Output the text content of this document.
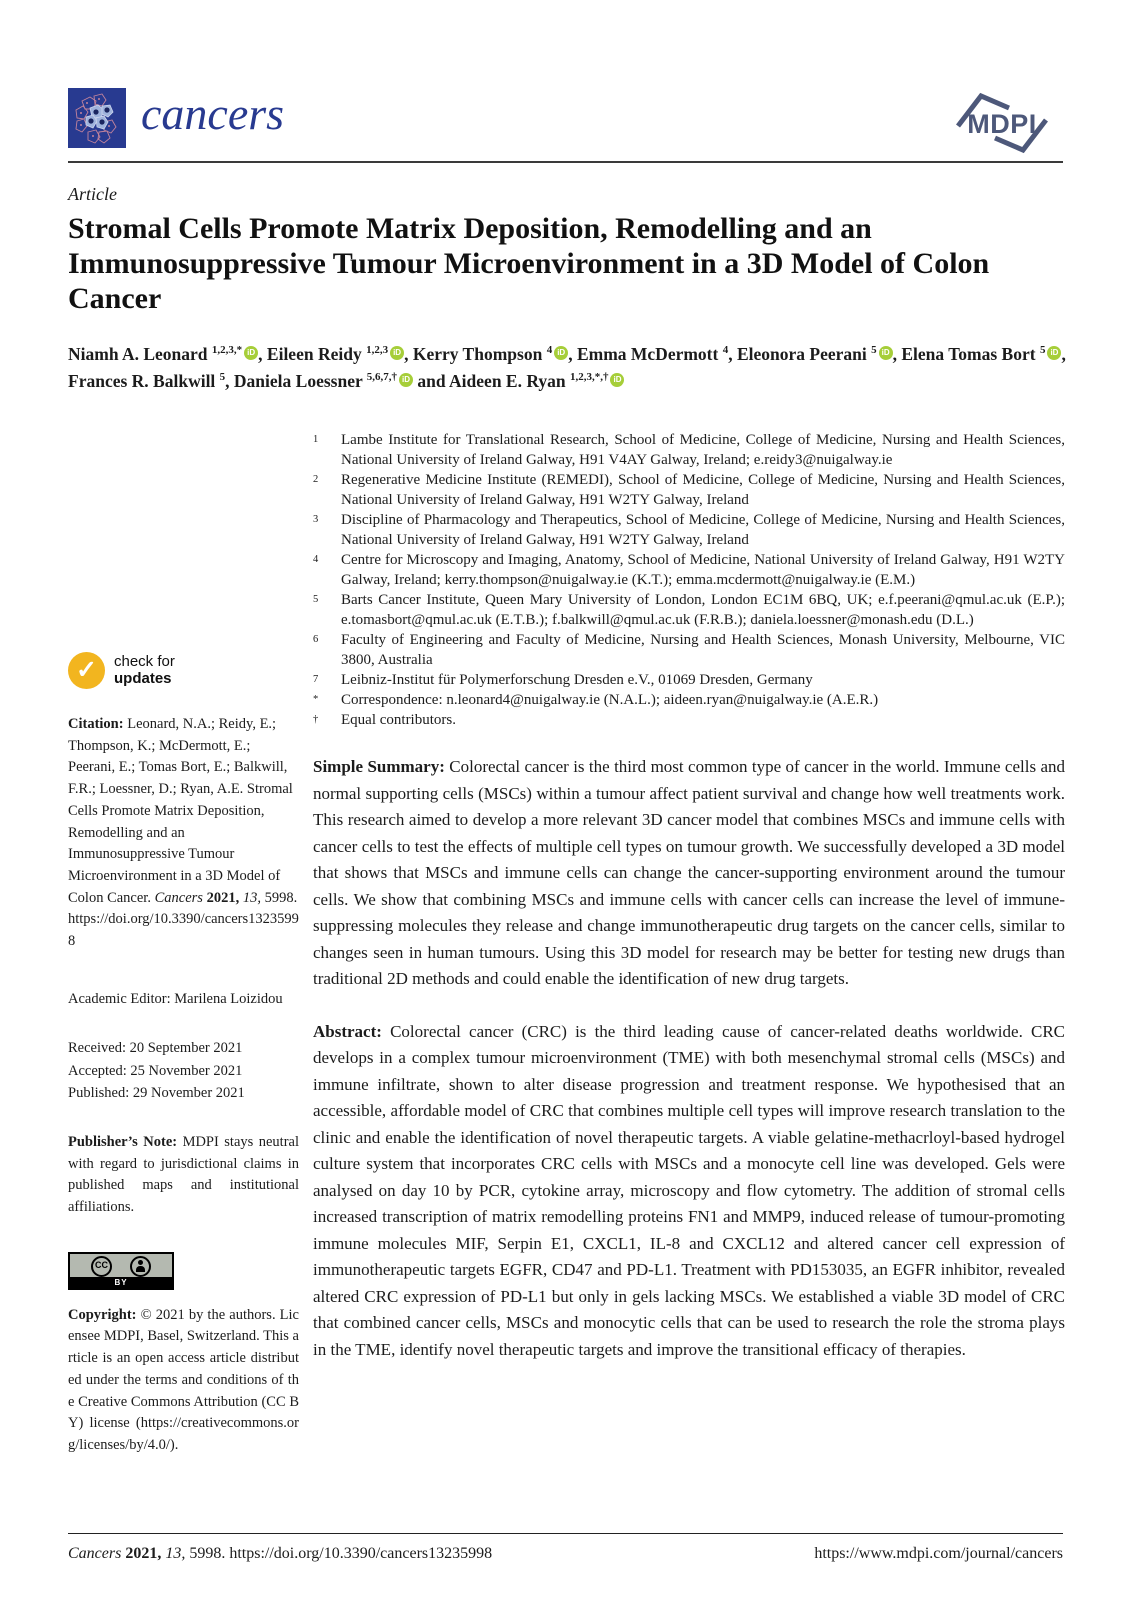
cancers	MDPI
Article
Stromal Cells Promote Matrix Deposition, Remodelling and an Immunosuppressive Tumour Microenvironment in a 3D Model of Colon Cancer
Niamh A. Leonard $^{1,2,3,*}$ iD , Eileen Reidy $^{1,2,3}$ iD , Kerry Thompson $^4$ iD , Emma McDermott $^4$, Eleonora Peerani $^5$ iD , Elena Tomas Bort $^5$ iD , Frances R. Balkwill $^5$, Daniela Loessner $^{5,6,7,\dagger}$ iD and Aideen E. Ryan $^{1,2,3,*,\dagger}$ iD
1	Lambe Institute for Translational Research, School of Medicine, College of Medicine, Nursing and Health Sciences, National University of Ireland Galway, H91 V4AY Galway, Ireland; e.reidy3@nuigalway.ie
2	Regenerative Medicine Institute (REMEDI), School of Medicine, College of Medicine, Nursing and Health Sciences, National University of Ireland Galway, H91 W2TY Galway, Ireland
3	Discipline of Pharmacology and Therapeutics, School of Medicine, College of Medicine, Nursing and Health Sciences, National University of Ireland Galway, H91 W2TY Galway, Ireland
4	Centre for Microscopy and Imaging, Anatomy, School of Medicine, National University of Ireland Galway, H91 W2TY Galway, Ireland; kerry.thompson@nuigalway.ie (K.T.); emma.mcdermott@nuigalway.ie (E.M.)
5	Barts Cancer Institute, Queen Mary University of London, London EC1M 6BQ, UK; e.f.peerani@qmul.ac.uk (E.P.); e.tomasbort@qmul.ac.uk (E.T.B.); f.balkwill@qmul.ac.uk (F.R.B.); daniela.loessner@monash.edu (D.L.)
6	Faculty of Engineering and Faculty of Medicine, Nursing and Health Sciences, Monash University, Melbourne, VIC 3800, Australia
7	Leibniz-Institut für Polymerforschung Dresden e.V., 01069 Dresden, Germany
*	Correspondence: n.leonard4@nuigalway.ie (N.A.L.); aideen.ryan@nuigalway.ie (A.E.R.)
†	Equal contributors.

Simple Summary: Colorectal cancer is the third most common type of cancer in the world. Immune cells and normal supporting cells (MSCs) within a tumour affect patient survival and change how well treatments work. This research aimed to develop a more relevant 3D cancer model that combines MSCs and immune cells with cancer cells to test the effects of multiple cell types on tumour growth. We successfully developed a 3D model that shows that MSCs and immune cells can change the cancer-supporting environment around the tumour cells. We show that combining MSCs and immune cells with cancer cells can increase the level of immune-suppressing molecules they release and change immunotherapeutic drug targets on the cancer cells, similar to changes seen in human tumours. Using this 3D model for research may be better for testing new drugs than traditional 2D methods and could enable the identification of new drug targets.

Abstract: Colorectal cancer (CRC) is the third leading cause of cancer-related deaths worldwide. CRC develops in a complex tumour microenvironment (TME) with both mesenchymal stromal cells (MSCs) and immune infiltrate, shown to alter disease progression and treatment response. We hypothesised that an accessible, affordable model of CRC that combines multiple cell types will improve research translation to the clinic and enable the identification of novel therapeutic targets. A viable gelatine-methacrloyl-based hydrogel culture system that incorporates CRC cells with MSCs and a monocyte cell line was developed. Gels were analysed on day 10 by PCR, cytokine array, microscopy and flow cytometry. The addition of stromal cells increased transcription of matrix remodelling proteins FN1 and MMP9, induced release of tumour-promoting immune molecules MIF, Serpin E1, CXCL1, IL-8 and CXCL12 and altered cancer cell expression of immunotherapeutic targets EGFR, CD47 and PD-L1. Treatment with PD153035, an EGFR inhibitor, revealed altered CRC expression of PD-L1 but only in gels lacking MSCs. We established a viable 3D model of CRC that combined cancer cells, MSCs and monocytic cells that can be used to research the role the stroma plays in the TME, identify novel therapeutic targets and improve the transitional efficacy of therapies.

✓	check for
updates

Citation: Leonard, N.A.; Reidy, E.; Thompson, K.; McDermott, E.; Peerani, E.; Tomas Bort, E.; Balkwill, F.R.; Loessner, D.; Ryan, A.E. Stromal Cells Promote Matrix Deposition, Remodelling and an Immunosuppressive Tumour Microenvironment in a 3D Model of Colon Cancer. Cancers 2021, 13, 5998. https://doi.org/10.3390/cancers13235998

Academic Editor: Marilena Loizidou

Received: 20 September 2021
Accepted: 25 November 2021
Published: 29 November 2021

Publisher’s Note: MDPI stays neutral with regard to jurisdictional claims in published maps and institutional affiliations.

CC
BY

Copyright: © 2021 by the authors. Licensee MDPI, Basel, Switzerland. This article is an open access article distributed under the terms and conditions of the Creative Commons Attribution (CC BY) license (https://creativecommons.org/licenses/by/4.0/).

Cancers 2021, 13, 5998. https://doi.org/10.3390/cancers13235998	https://www.mdpi.com/journal/cancers
